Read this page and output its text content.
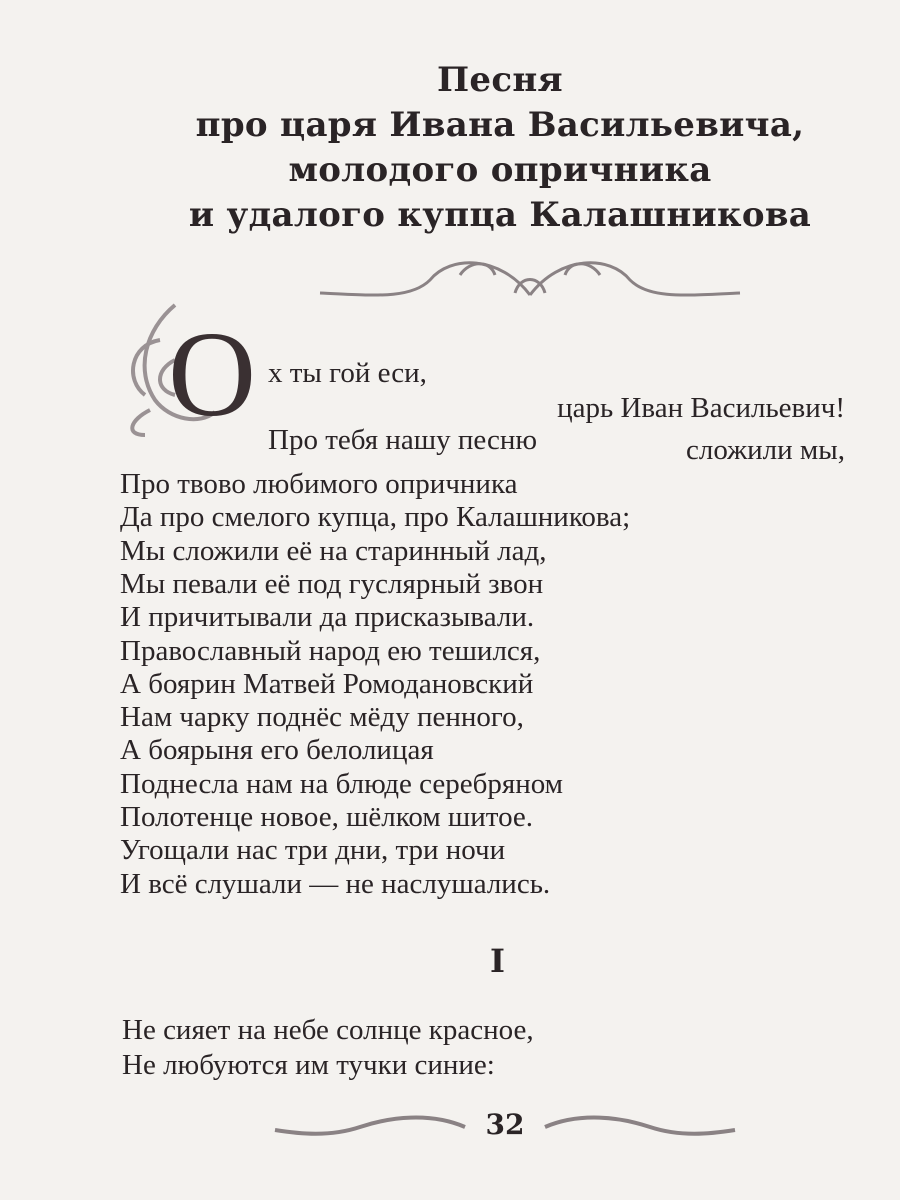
Песня
про царя Ивана Васильевича,
молодого опричника
и удалого купца Калашникова
О х ты гой еси,
царь Иван Васильевич!
Про тебя нашу песню	сложили мы,
Про твово любимого опричника
Да про смелого купца, про Калашникова;
Мы сложили её на старинный лад,
Мы певали её под гуслярный звон
И причитывали да присказывали.
Православный народ ею тешился,
А боярин Матвей Ромодановский
Нам чарку поднёс мёду пенного,
А боярыня его белолицая
Поднесла нам на блюде серебряном
Полотенце новое, шёлком шитое.
Угощали нас три дни, три ночи
И всё слушали — не наслушались.
I
Не сияет на небе солнце красное,
Не любуются им тучки синие:
32
